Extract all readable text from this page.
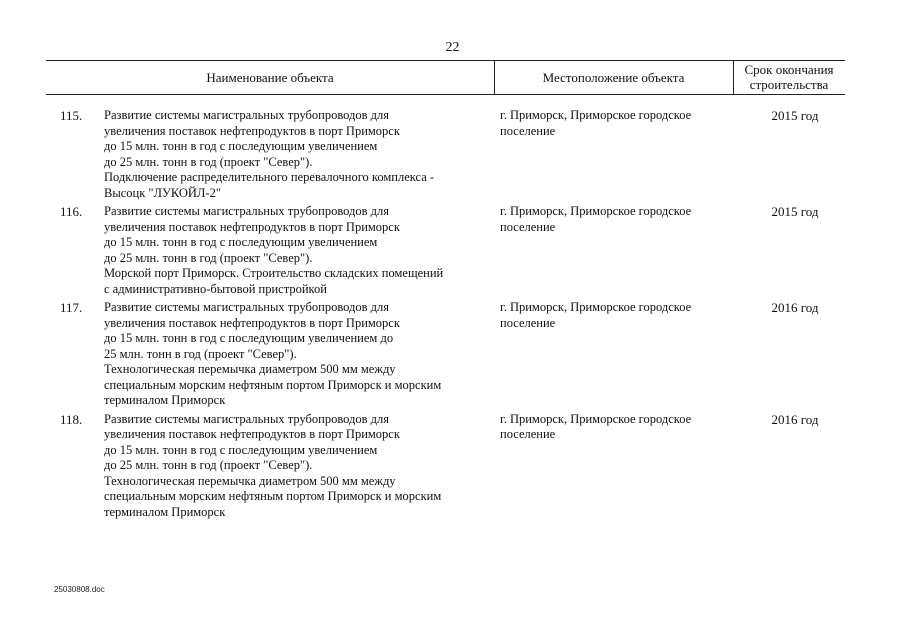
22
Наименование объекта	Местоположение объекта	Срок окончания
строительства
115. Развитие системы магистральных трубопроводов для
увеличения поставок нефтепродуктов в порт Приморск
до 15 млн. тонн в год с последующим увеличением
до 25 млн. тонн в год (проект "Север").
Подключение распределительного перевалочного комплекса -
Высоцк "ЛУКОЙЛ-2"
г. Приморск, Приморское городское
поселение
2015 год
116. Развитие системы магистральных трубопроводов для
увеличения поставок нефтепродуктов в порт Приморск
до 15 млн. тонн в год с последующим увеличением
до 25 млн. тонн в год (проект "Север").
Морской порт Приморск. Строительство складских помещений
с административно-бытовой пристройкой
г. Приморск, Приморское городское
поселение
2015 год
117. Развитие системы магистральных трубопроводов для
увеличения поставок нефтепродуктов в порт Приморск
до 15 млн. тонн в год с последующим увеличением до
25 млн. тонн в год (проект "Север").
Технологическая перемычка диаметром 500 мм между
специальным морским нефтяным портом Приморск и морским
терминалом Приморск
г. Приморск, Приморское городское
поселение
2016 год
118. Развитие системы магистральных трубопроводов для
увеличения поставок нефтепродуктов в порт Приморск
до 15 млн. тонн в год с последующим увеличением
до 25 млн. тонн в год (проект "Север").
Технологическая перемычка диаметром 500 мм между
специальным морским нефтяным портом Приморск и морским
терминалом Приморск
г. Приморск, Приморское городское
поселение
2016 год
25030808.doc
